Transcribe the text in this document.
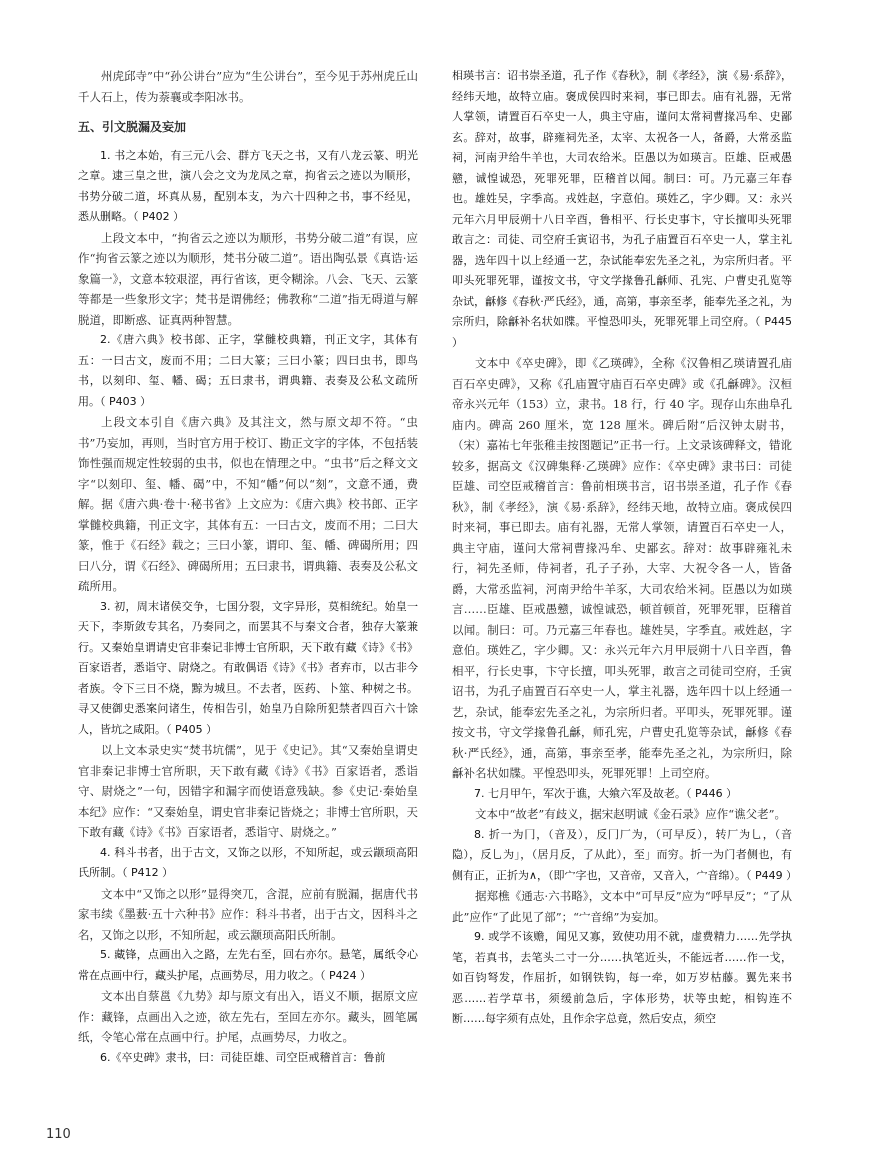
州虎邱寺”中“孙公讲台”应为“生公讲台”，至今见于苏州虎丘山千人石上，传为萘襄或李阳冰书。

五、引文脱漏及妄加

1. 书之本始，有三元八会、群方飞天之书，又有八龙云篆、明光之章。逮三皇之世，演八会之文为龙凤之章，拘省云之迹以为顺形，书势分破二道，坏真从易，配别本支，为六十四种之书，事不经见，悉从删略。（ P402 ）

上段文本中，“拘省云之迹以为顺形，书势分破二道”有误，应作“拘省云篆之迹以为顺形，梵书分破二道”。语出陶弘景《真诰·运象篇一》，文意本较艰涩，再行省该，更令糊涂。八会、飞天、云篆等都是一些象形文字；梵书是谓佛经；佛教称“二道”指无碍道与解脱道，即断惑、证真两种智慧。

2.《唐六典》校书郎、正字，掌雠校典籍，刊正文字，其体有五：一曰古文，废而不用；二曰大篆；三曰小篆；四曰虫书，即鸟书，以刻印、玺、幡、碣；五曰隶书，谓典籍、表奏及公私文疏所用。（ P403 ）

上段文本引自《唐六典》及其注文，然与原文却不符。“虫书”乃妄加，再则，当时官方用于校订、勘正文字的字体，不包括装饰性强而规定性较弱的虫书，似也在情理之中。“虫书”后之释文文字“以刻印、玺、幡、碣”中，不知“幡”何以“刻”，文意不通，费解。据《唐六典·卷十·秘书省》上文应为：《唐六典》校书郎、正字掌雠校典籍，刊正文字，其体有五：一曰古文，废而不用；二曰大篆，惟于《石经》载之；三曰小篆，谓印、玺、幡、碑碣所用；四曰八分，谓《石经》、碑碣所用；五曰隶书，谓典籍、表奏及公私文疏所用。

3. 初，周末诸侯交争，七国分裂，文字异形，莫相统纪。始皇一天下，李斯敛专其名，乃奏同之，而罢其不与秦文合者，独存大篆兼行。又秦始皇谓请史官非秦记非博士官所职，天下敢有藏《诗》《书》百家语者，悉诣守、尉烧之。有敢偶语《诗》《书》者弃市，以古非今者族。令下三日不烧，黥为城旦。不去者，医药、卜筮、种树之书。寻又使御史悉案问诸生，传相告引，始皇乃自除所犯禁者四百六十馀人，皆坑之咸阳。（ P405 ）

以上文本录史实“焚书坑儒”，见于《史记》。其“又秦始皇谓史官非秦记非博士官所职，天下敢有藏《诗》《书》百家语者，悉诣守、尉烧之”一句，因错字和漏字而使语意残缺。参《史记·秦始皇本纪》应作：“又秦始皇，谓史官非秦记皆烧之；非博士官所职，天下敢有藏《诗》《书》百家语者，悉诣守、尉烧之。”

4. 科斗书者，出于古文，又饰之以形，不知所起，或云颛顼高阳氏所制。（ P412 ）

文本中“又饰之以形”显得突兀，含混，应前有脱漏，据唐代书家韦续《墨薮·五十六种书》应作：科斗书者，出于古文，因科斗之名，又饰之以形，不知所起，或云颛顼高阳氏所制。

5. 藏锋，点画出入之路，左先右至，回右亦尔。悬笔，属纸令心常在点画中行，藏头护尾，点画势尽，用力收之。（ P424 ）

文本出自蔡邕《九势》却与原文有出入，语义不顺，据原文应作：藏锋，点画出入之迹，欲左先右，至回左亦尔。藏头，圆笔属纸，令笔心常在点画中行。护尾，点画势尽，力收之。

6.《卒史碑》隶书，曰：司徒臣雄、司空臣戒稽首言：鲁前

相瑛书言：诏书崇圣道，孔子作《春秋》，制《孝经》，演《易·系辞》，经纬天地，故特立庙。褒成侯四时来祠，事已即去。庙有礼器，无常人掌领，请置百石卒史一人，典主守庙，谨问太常祠曹掾冯牟、史鄙玄。辞对，故事，辟雍祠先圣，太宰、太祝各一人，备爵，大常丞监祠，河南尹给牛羊也，大司农给米。臣愚以为如瑛言。臣雄、臣戒愚戆，诚惶诚恐，死罪死罪，臣稽首以闻。制曰：可。乃元嘉三年春也。雄姓吴，字季高。戎姓赵，字意伯。瑛姓乙，字少卿。又：永兴元年六月甲辰朔十八日辛酉，鲁相平、行长史事卞，守长擅叩头死罪敢言之：司徒、司空府壬寅诏书，为孔子庙置百石卒史一人，掌主礼器，选年四十以上经通一艺，杂试能奉宏先圣之礼，为宗所归者。平叩头死罪死罪，谨按文书，守文学掾鲁孔龢师、孔宪、户曹史孔览等杂试，龢修《春秋·严氏经》，通，高第，事亲至孝，能奉先圣之礼，为宗所归，除龢补名状如牒。平惶恐叩头，死罪死罪上司空府。（ P445 ）

文本中《卒史碑》，即《乙瑛碑》，全称《汉鲁相乙瑛请置孔庙百石卒史碑》，又称《孔庙置守庙百石卒史碑》或《孔龢碑》。汉桓帝永兴元年（153）立，隶书。18 行，行 40 字。现存山东曲阜孔庙内。碑高 260 厘米，宽 128 厘米。碑后附“后汉钟太尉书，（宋）嘉祐七年张稚圭按图题记”正书一行。上文录该碑释文，错讹较多，据高文《汉碑集释·乙瑛碑》应作：《卒史碑》隶书曰：司徒臣雄、司空臣戒稽首言：鲁前相瑛书言，诏书崇圣道，孔子作《春秋》，制《孝经》，演《易·系辞》，经纬天地，故特立庙。褒成侯四时来祠，事已即去。庙有礼器，无常人掌领，请置百石卒史一人，典主守庙，谨问大常祠曹掾冯牟、史鄙玄。辞对：故事辟雍礼未行，祠先圣师，侍祠者，孔子子孙，大宰、大祝令各一人，皆备爵，大常丞监祠，河南尹给牛羊豕，大司农给米祠。臣愚以为如瑛言……臣雄、臣戒愚戆，诚惶诚恐，顿首顿首，死罪死罪，臣稽首以闻。制曰：可。乃元嘉三年春也。雄姓吴，字季直。戒姓赵，字意伯。瑛姓乙，字少卿。又：永兴元年六月甲辰朔十八日辛酉，鲁相平，行长史事，卞守长擅，叩头死罪，敢言之司徒司空府，壬寅诏书，为孔子庙置百石卒史一人，掌主礼器，选年四十以上经通一艺，杂试，能奉宏先圣之礼，为宗所归者。平叩头，死罪死罪。谨按文书，守文学掾鲁孔龢，师孔宪，户曹史孔览等杂试，龢修《春秋·严氏经》，通，高第，事亲至孝，能奉先圣之礼，为宗所归，除龢补名状如牒。平惶恐叩头，死罪死罪！上司空府。

7. 七月甲午，军次于谯，大飨六军及故老。（ P446 ）

文本中“故老”有歧义，据宋赵明诚《金石录》应作“谯父老”。

8. 折一为冂，（音及），反冂厂为，（可早反），转厂为乚，（音隐），反乚为」，（居月反，了从此），至」而穷。折一为门者侧也，有侧有正，正折为∧，（即宀字也，又音帝，又音入，宀音绵）。（ P449 ）

据郑樵《通志·六书略》，文本中“可早反”应为“呼早反”；“了从此”应作“了此见了部”；“宀音绵”为妄加。

9. 或学不该赡，闻见又寡，致使功用不就，虚费精力……先学执笔，若真书，去笔头二寸一分……执笔近头，不能远者……作一戈，如百钧弩发，作屈折，如钢铁钩，每一牵，如万岁枯藤。翼先来书恶……若学草书，须缓前急后，字体形势，状等虫蛇，相钩连不断……每字须有点处，且作余字总竟，然后安点，须空

110
